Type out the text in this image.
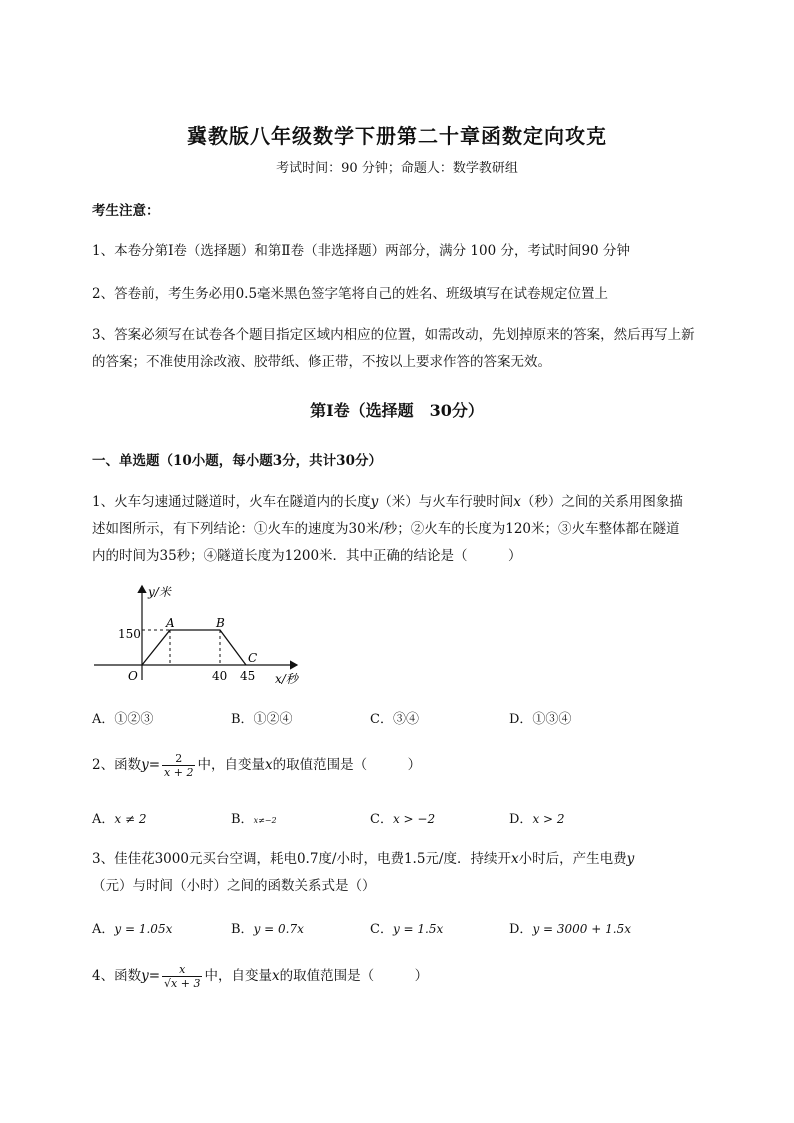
冀教版八年级数学下册第二十章函数定向攻克
考试时间：90 分钟；命题人：数学教研组
考生注意：
1、本卷分第Ⅰ卷（选择题）和第Ⅱ卷（非选择题）两部分，满分 100 分，考试时间90 分钟
2、答卷前，考生务必用0.5毫米黑色签字笔将自己的姓名、班级填写在试卷规定位置上
3、答案必须写在试卷各个题目指定区域内相应的位置，如需改动，先划掉原来的答案，然后再写上新的答案；不准使用涂改液、胶带纸、修正带，不按以上要求作答的答案无效。
第Ⅰ卷（选择题　30分）
一、单选题（10小题，每小题3分，共计30分）
1、火车匀速通过隧道时，火车在隧道内的长度y（米）与火车行驶时间x（秒）之间的关系用图象描
述如图所示，有下列结论：①火车的速度为30米/秒；②火车的长度为120米；③火车整体都在隧道
内的时间为35秒；④隧道长度为1200米．其中正确的结论是（　　　）
y/米
x/秒
O
150
40 45
A	B
C
A．①②③	B．①②④	C．③④	D．①③④
2、函数$y= \frac{2}{x + 2}$ 中，自变量x的取值范围是（　　　）
A．x ≠ 2	B．x≠−2	C．x > −2	D．x > 2
3、佳佳花3000元买台空调，耗电0.7度/小时，电费1.5元/度．持续开x小时后，产生电费y
（元）与时间（小时）之间的函数关系式是（）
A．y = 1.05x	B．y = 0.7x	C．y = 1.5x	D．y = 3000 + 1.5x
4、函数$y= \frac{x}{√x + 3}$ 中，自变量x的取值范围是（　　　）
